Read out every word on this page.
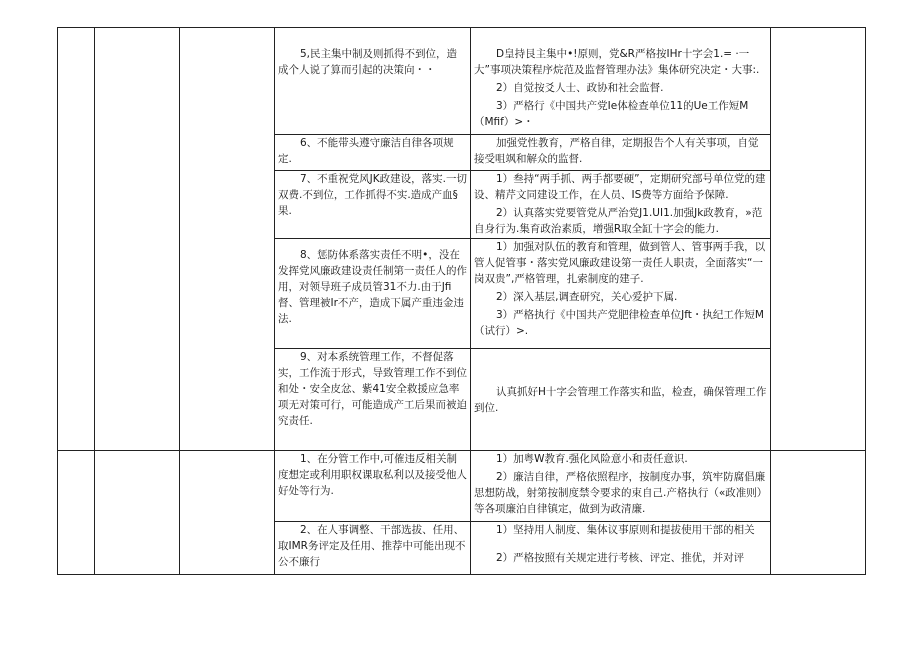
			5,民主集中制及则抓得不到位，造成个人说了算而引起的决策向・・	D皇持艮主集中•!原则，党&R严格按IHr十字会1.= ·一大”事项决策程序烷范及监督管理办法》集体研究决定・大事:.

2）自觉按爻人士、政协和社会监督.

3）严格行《中国共产党Ie体检查单位11的Ue工作短M（Mfif）>・	

			6、不能带头遵守廉洁自律各项规定.	加强党性教育，严格自律，定期报告个人有关事项，自觉接受咀飒和解众的监督.	

			7、不重祝党风JK政建设，落实.一切双费.不到位，工作抓得不实.造成产血§果.	1）叁持“两手抓、两手都要硬”，定期研究部号单位党的建设、精芹文同建设工作，在人员、IS费等方面给予保障.

2）认真落实党要管党从严治党J1.UI1.加强Jk政教育，»范自身行为.集育政治素质，增强R取全缸十字会的能力.	

			8、惩防体系落实责任不明•，没在发挥党风廉政建设责任制第一责任人的作用，对领导班子成员管31不力.由于Jfi督、管理被Ir不产，造成下属产重违金违法.	1）加强对队伍的教育和管理，做到管人、管事两手我，以管人促管事・落实党风廉政建设第一责任人职责，全面落实“一岗双贵”,严格管理，扎索制度的建子.

2）深入基层,调查研究，关心爱护下属.

3）严格执行《中国共产党肥律检查单位Jft・执纪工作短M（试行）>.	

			9、对本系统管理工作，不督促落实，工作流于形式，导致管理工作不到位和处・安全皮忿、紫41安全救援应急率项无对策可行，可能造成产工后果而被迫究责任.	认真抓好H十字会管理工作落实和监，检查，确保管理工作到位.	

			1、在分管工作中,可傕违反相关制度想定或利用职权课取私利以及接受他人好处等行为.	1）加粤W教育.强化风险意小和责任意识.

2）廉洁自律，严格依照程序，按制度办事，筑牢防腐倡廉思想防战，射第按制度禁令要求的束自己.产格执行（«政准则）等各项廉泊自律镇定，做到为政清廉.	

			2、在人事调整、干部选拔、任用、取IMR务评定及任用、推荐中可能出现不公不廉行	1）坚持用人制度、集体议事原则和提拔使用干部的相关

2）严格按照有关规定进行考核、评定、推优，并对评	
